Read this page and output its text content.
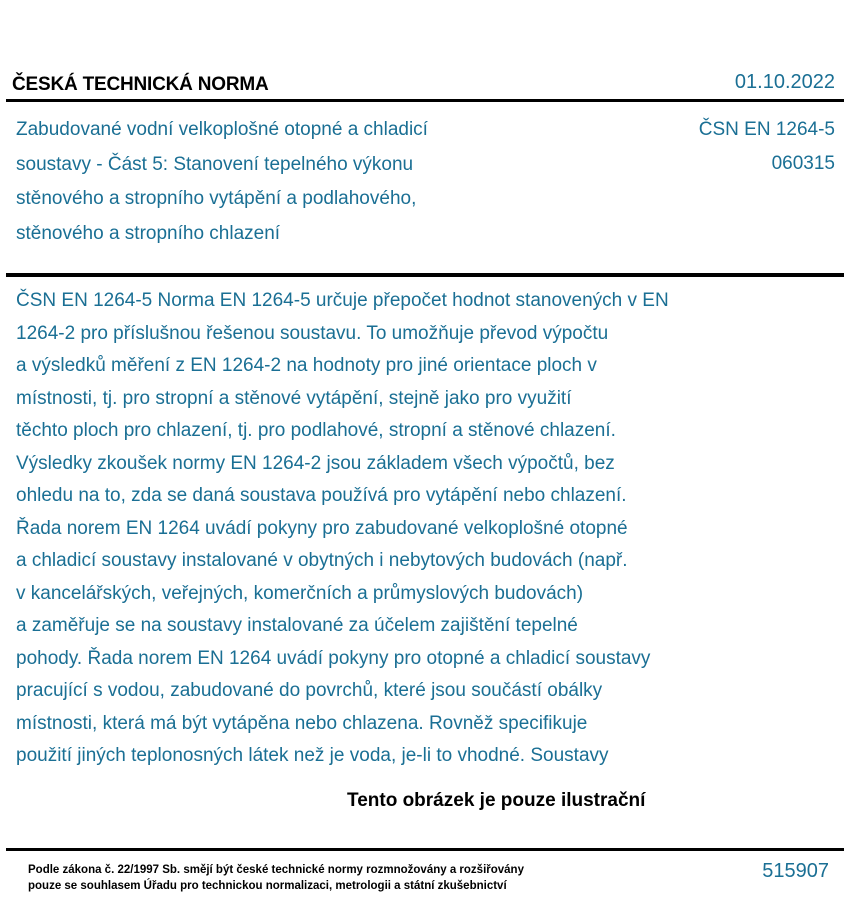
ČESKÁ TECHNICKÁ NORMA	01.10.2022
Zabudované vodní velkoplošné otopné a chladicí
soustavy - Část 5: Stanovení tepelného výkonu
stěnového a stropního vytápění a podlahového,
stěnového a stropního chlazení
ČSN EN 1264-5
060315
ČSN EN 1264-5 Norma EN 1264-5 určuje přepočet hodnot stanovených v EN
1264-2 pro příslušnou řešenou soustavu. To umožňuje převod výpočtu
a výsledků měření z EN 1264-2 na hodnoty pro jiné orientace ploch v
místnosti, tj. pro stropní a stěnové vytápění, stejně jako pro využití
těchto ploch pro chlazení, tj. pro podlahové, stropní a stěnové chlazení.
Výsledky zkoušek normy EN 1264-2 jsou základem všech výpočtů, bez
ohledu na to, zda se daná soustava používá pro vytápění nebo chlazení.
Řada norem EN 1264 uvádí pokyny pro zabudované velkoplošné otopné
a chladicí soustavy instalované v obytných i nebytových budovách (např.
v kancelářských, veřejných, komerčních a průmyslových budovách)
a zaměřuje se na soustavy instalované za účelem zajištění tepelné
pohody. Řada norem EN 1264 uvádí pokyny pro otopné a chladicí soustavy
pracující s vodou, zabudované do povrchů, které jsou součástí obálky
místnosti, která má být vytápěna nebo chlazena. Rovněž specifikuje
použití jiných teplonosných látek než je voda, je-li to vhodné. Soustavy
Tento obrázek je pouze ilustrační
Podle zákona č. 22/1997 Sb. smějí být české technické normy rozmnožovány a rozšiřovány
pouze se souhlasem Úřadu pro technickou normalizaci, metrologii a státní zkušebnictví
515907
